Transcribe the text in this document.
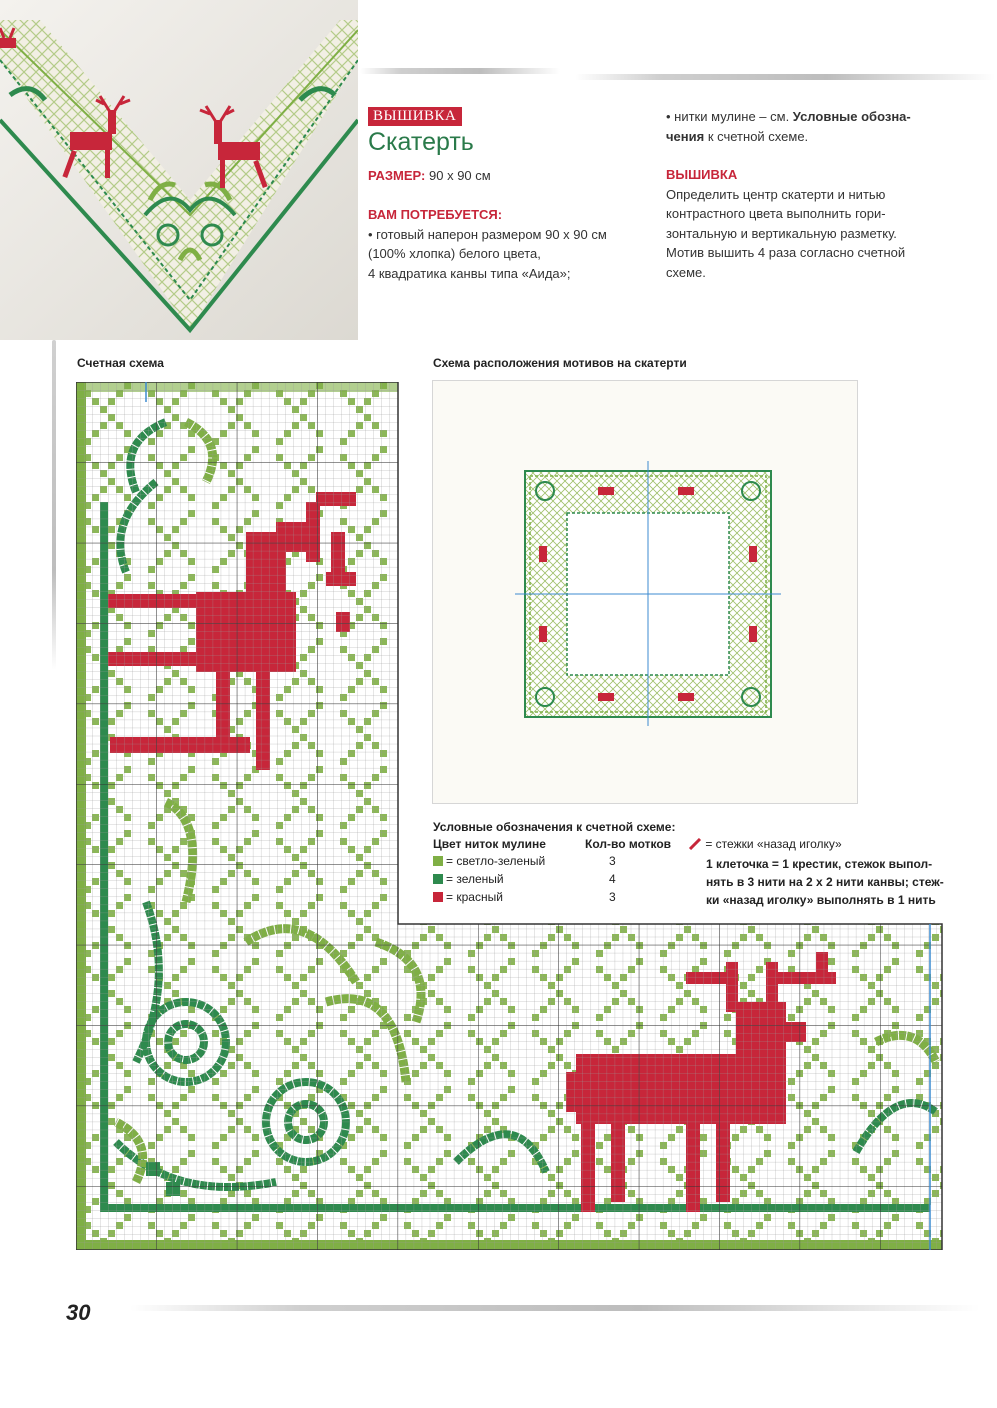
ВЫШИВКА
Скатерть
РАЗМЕР: 90 х 90 см
ВАМ ПОТРЕБУЕТСЯ:
• готовый наперон размером 90 х 90 см
(100% хлопка) белого цвета,
4 квадратика канвы типа «Аида»;
• нитки мулине – см. Условные обозна-
чения к счетной схеме.
ВЫШИВКА
Определить центр скатерти и нитью
контрастного цвета выполнить гори-
зонтальную и вертикальную разметку.
Мотив вышить 4 раза согласно счетной
схеме.
Счетная схема	Схема расположения мотивов на скатерти
Условные обозначения к счетной схеме:
Цвет ниток мулине	Кол-во мотков
= светло-зеленый	3
= зеленый	4
= красный	3
= стежки «назад иголку»
1 клеточка = 1 крестик, стежок выпол-
нять в 3 нити на 2 х 2 нити канвы; стеж-
ки «назад иголку» выполнять в 1 нить
30
